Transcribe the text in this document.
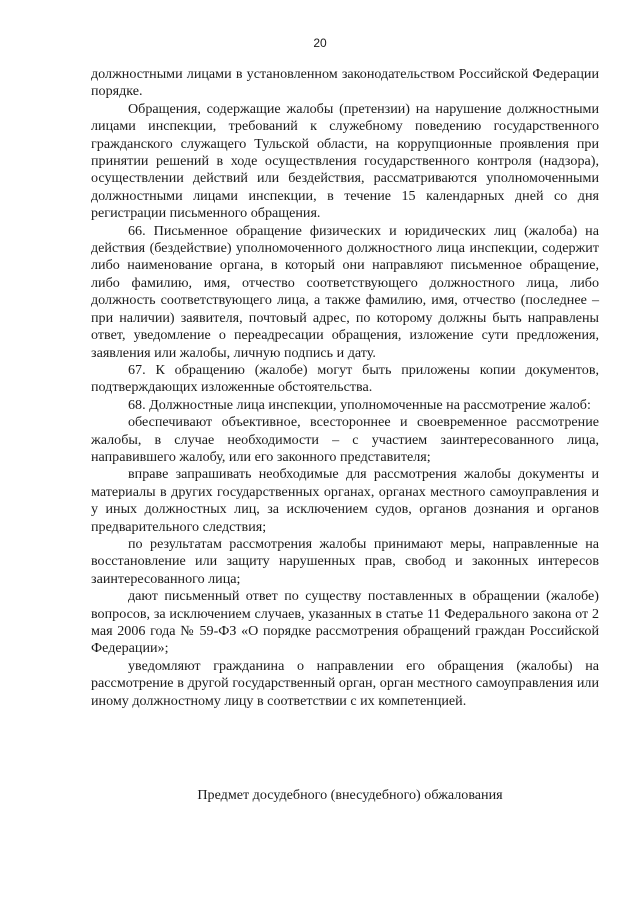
20

должностными лицами в установленном законодательством Российской Федерации порядке.

Обращения, содержащие жалобы (претензии) на нарушение должностными лицами инспекции, требований к служебному поведению государственного гражданского служащего Тульской области, на коррупционные проявления при принятии решений в ходе осуществления государственного контроля (надзора), осуществлении действий или бездействия, рассматриваются уполномоченными должностными лицами инспекции, в течение 15 календарных дней со дня регистрации письменного обращения.

66. Письменное обращение физических и юридических лиц (жалоба) на действия (бездействие) уполномоченного должностного лица инспекции, содержит либо наименование органа, в который они направляют письменное обращение, либо фамилию, имя, отчество соответствующего должностного лица, либо должность соответствующего лица, а также фамилию, имя, отчество (последнее – при наличии) заявителя, почтовый адрес, по которому должны быть направлены ответ, уведомление о переадресации обращения, изложение сути предложения, заявления или жалобы, личную подпись и дату.

67. К обращению (жалобе) могут быть приложены копии документов, подтверждающих изложенные обстоятельства.

68. Должностные лица инспекции, уполномоченные на рассмотрение жалоб:

обеспечивают объективное, всестороннее и своевременное рассмотрение жалобы, в случае необходимости – с участием заинтересованного лица, направившего жалобу, или его законного представителя;

вправе запрашивать необходимые для рассмотрения жалобы документы и материалы в других государственных органах, органах местного самоуправления и у иных должностных лиц, за исключением судов, органов дознания и органов предварительного следствия;

по результатам рассмотрения жалобы принимают меры, направленные на восстановление или защиту нарушенных прав, свобод и законных интересов заинтересованного лица;

дают письменный ответ по существу поставленных в обращении (жалобе) вопросов, за исключением случаев, указанных в статье 11 Федерального закона от 2 мая 2006 года № 59-ФЗ «О порядке рассмотрения обращений граждан Российской Федерации»;

уведомляют гражданина о направлении его обращения (жалобы) на рассмотрение в другой государственный орган, орган местного самоуправления или иному должностному лицу в соответствии с их компетенцией.

Предмет досудебного (внесудебного) обжалования
